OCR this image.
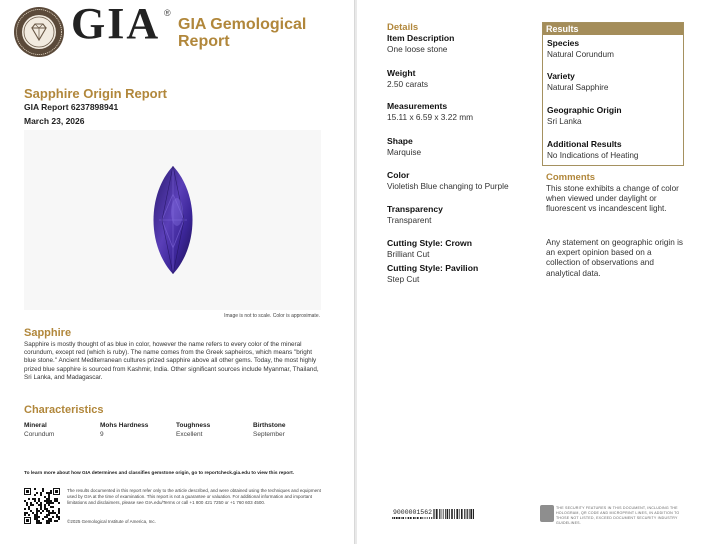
GIA ®
GIA Gemological
Report
Sapphire Origin Report
GIA Report 6237898941
March 23, 2026
Image is not to scale. Color is approximate.
Sapphire
Sapphire is mostly thought of as blue in color, however the name refers to every color of the mineral corundum, except red (which is ruby). The name comes from the Greek sapheiros, which means "bright blue stone." Ancient Mediterranean cultures prized sapphire above all other gems. Today, the most highly prized blue sapphire is sourced from Kashmir, India. Other significant sources include Myanmar, Thailand, Sri Lanka, and Madagascar.
Characteristics
Mineral	Mohs Hardness	Toughness	Birthstone
Corundum	9	Excellent	September
To learn more about how GIA determines and classifies gemstone origin, go to reportcheck.gia.edu to view this report.
The results documented in this report refer only to the article described, and were obtained using the techniques and equipment used by GIA at the time of examination. This report is not a guarantee or valuation. For additional information and important limitations and disclaimers, please see GIA.edu/Terms or call +1 800 421 7250 or +1 760 603 4500.
©2025 Gemological Institute of America, Inc.
Details
Item Description
One loose stone
Weight
2.50 carats
Measurements
15.11 x 6.59 x 3.22 mm
Shape
Marquise
Color
Violetish Blue changing to Purple
Transparency
Transparent
Cutting Style: Crown
Brilliant Cut
Cutting Style: Pavilion
Step Cut
Results
Species
Natural Corundum
Variety
Natural Sapphire
Geographic Origin
Sri Lanka
Additional Results
No Indications of Heating
Comments
This stone exhibits a change of color when viewed under daylight or fluorescent vs incandescent light.
Any statement on geographic origin is an expert opinion based on a collection of observations and analytical data.
9000001562
THE SECURITY FEATURES IN THIS DOCUMENT, INCLUDING THE HOLOGRAM, QR CODE AND MICROPRINT LINES, IN ADDITION TO THOSE NOT LISTED, EXCEED DOCUMENT SECURITY INDUSTRY GUIDELINES.
